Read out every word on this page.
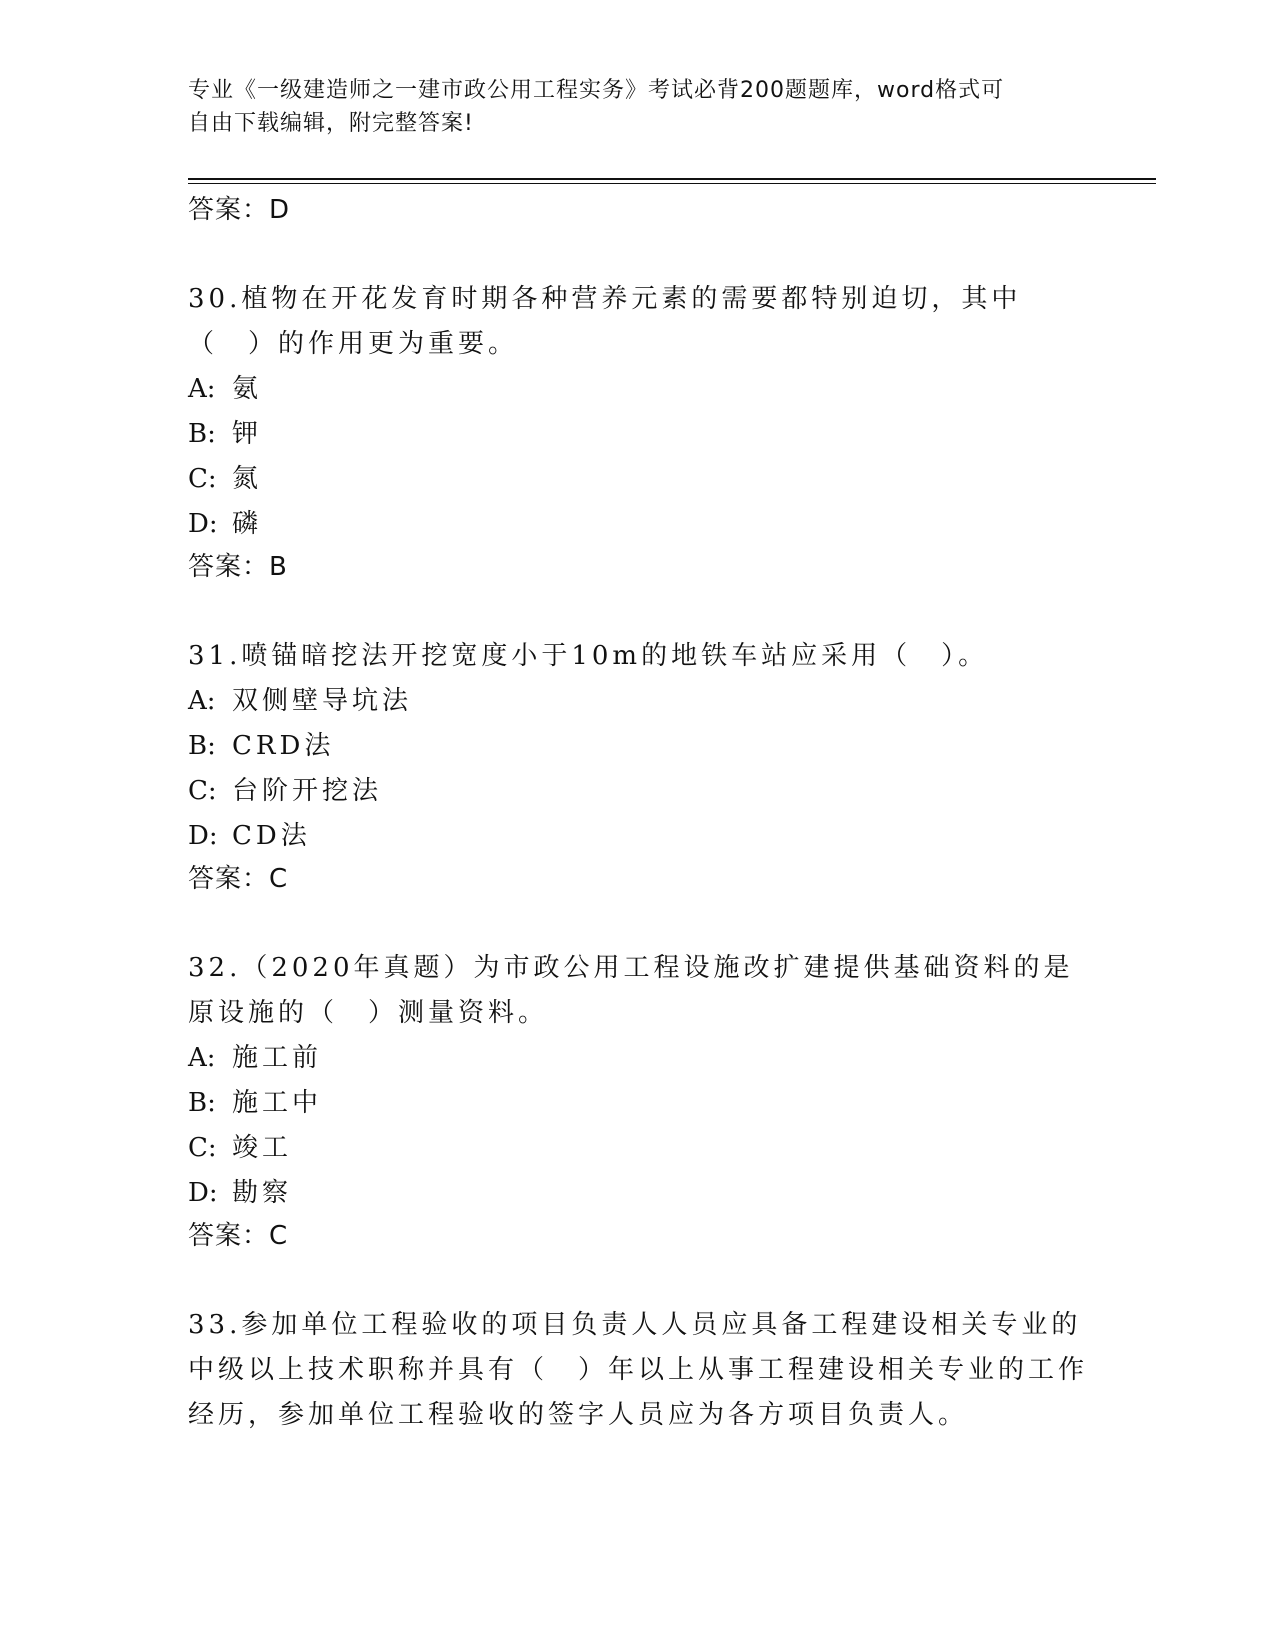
专业《一级建造师之一建市政公用工程实务》考试必背200题题库，word格式可
自由下载编辑，附完整答案!

答案：D

30.植物在开花发育时期各种营养元素的需要都特别迫切，其中（　）的作用更为重要。

A: 氨

B: 钾

C: 氮

D: 磷

答案：B

31.喷锚暗挖法开挖宽度小于10m的地铁车站应采用（　）。

A: 双侧壁导坑法

B: CRD法

C: 台阶开挖法

D: CD法

答案：C

32.（2020年真题）为市政公用工程设施改扩建提供基础资料的是原设施的（　）测量资料。

A: 施工前

B: 施工中

C: 竣工

D: 勘察

答案：C

33.参加单位工程验收的项目负责人人员应具备工程建设相关专业的中级以上技术职称并具有（　）年以上从事工程建设相关专业的工作经历，参加单位工程验收的签字人员应为各方项目负责人。
